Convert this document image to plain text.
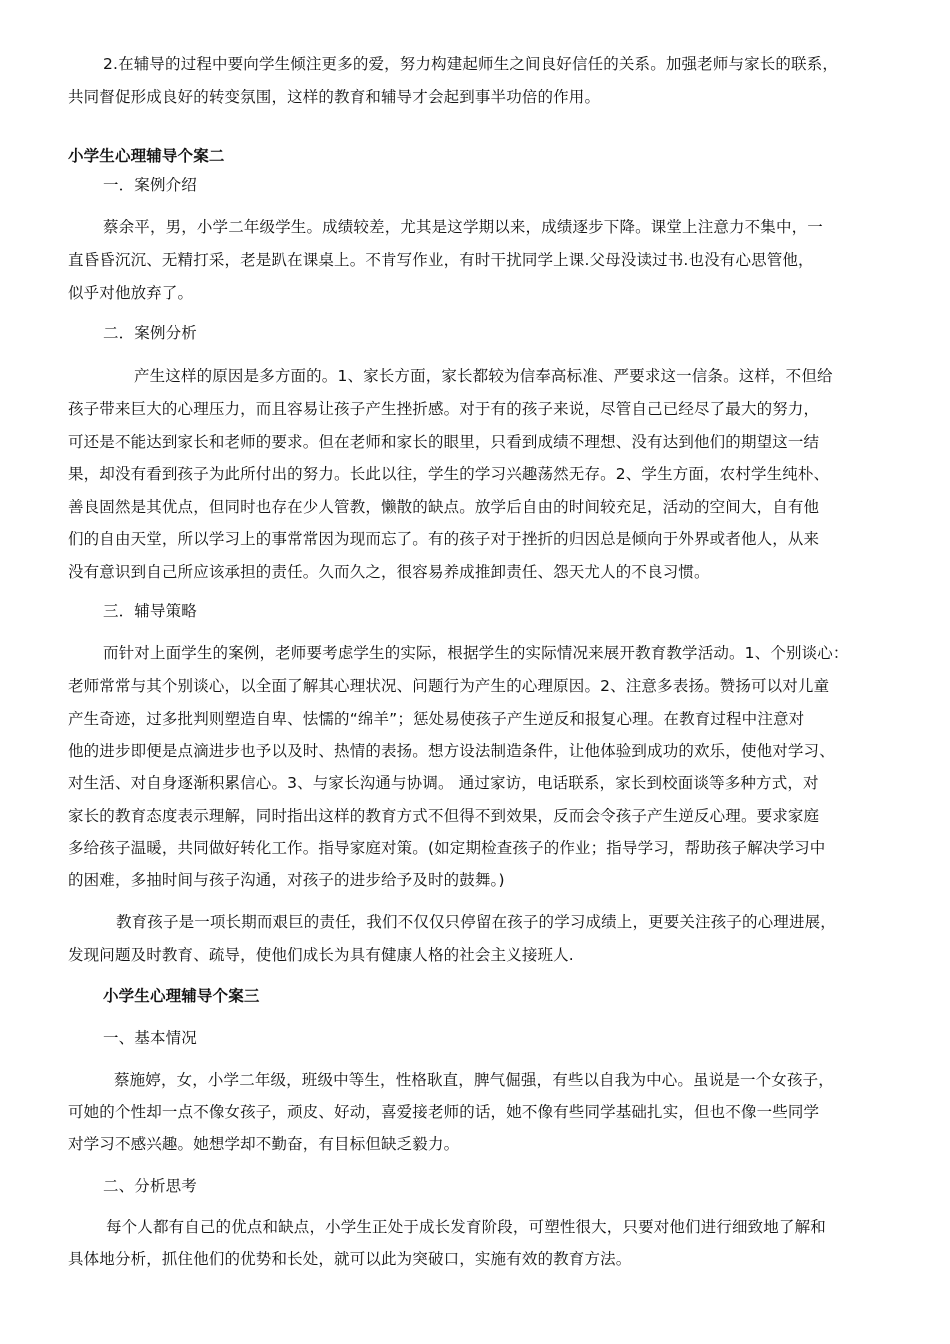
2.在辅导的过程中要向学生倾注更多的爱，努力构建起师生之间良好信任的关系。加强老师与家长的联系，

共同督促形成良好的转变氛围，这样的教育和辅导才会起到事半功倍的作用。

小学生心理辅导个案二

一．案例介绍

蔡余平，男，小学二年级学生。成绩较差，尤其是这学期以来，成绩逐步下降。课堂上注意力不集中，一

直昏昏沉沉、无精打采，老是趴在课桌上。不肯写作业，有时干扰同学上课.父母没读过书.也没有心思管他，

似乎对他放弃了。

二．案例分析

产生这样的原因是多方面的。1、家长方面，家长都较为信奉高标准、严要求这一信条。这样，不但给

孩子带来巨大的心理压力，而且容易让孩子产生挫折感。对于有的孩子来说，尽管自己已经尽了最大的努力，

可还是不能达到家长和老师的要求。但在老师和家长的眼里，只看到成绩不理想、没有达到他们的期望这一结

果，却没有看到孩子为此所付出的努力。长此以往，学生的学习兴趣荡然无存。2、学生方面，农村学生纯朴、

善良固然是其优点，但同时也存在少人管教，懒散的缺点。放学后自由的时间较充足，活动的空间大，自有他

们的自由天堂，所以学习上的事常常因为现而忘了。有的孩子对于挫折的归因总是倾向于外界或者他人，从来

没有意识到自己所应该承担的责任。久而久之，很容易养成推卸责任、怨天尤人的不良习惯。

三．辅导策略

而针对上面学生的案例，老师要考虑学生的实际，根据学生的实际情况来展开教育教学活动。1、个别谈心：

老师常常与其个别谈心，以全面了解其心理状况、问题行为产生的心理原因。2、注意多表扬。赞扬可以对儿童

产生奇迹，过多批判则塑造自卑、怯懦的“绵羊”；惩处易使孩子产生逆反和报复心理。在教育过程中注意对

他的进步即便是点滴进步也予以及时、热情的表扬。想方设法制造条件，让他体验到成功的欢乐，使他对学习、

对生活、对自身逐渐积累信心。3、与家长沟通与协调。 通过家访，电话联系，家长到校面谈等多种方式，对

家长的教育态度表示理解，同时指出这样的教育方式不但得不到效果，反而会令孩子产生逆反心理。要求家庭

多给孩子温暖，共同做好转化工作。指导家庭对策。(如定期检查孩子的作业；指导学习，帮助孩子解决学习中

的困难，多抽时间与孩子沟通，对孩子的进步给予及时的鼓舞。)

教育孩子是一项长期而艰巨的责任，我们不仅仅只停留在孩子的学习成绩上，更要关注孩子的心理进展，

发现问题及时教育、疏导，使他们成长为具有健康人格的社会主义接班人.

小学生心理辅导个案三

一、基本情况

蔡施婷，女，小学二年级，班级中等生，性格耿直，脾气倔强，有些以自我为中心。虽说是一个女孩子，

可她的个性却一点不像女孩子，顽皮、好动，喜爱接老师的话，她不像有些同学基础扎实，但也不像一些同学

对学习不感兴趣。她想学却不勤奋，有目标但缺乏毅力。

二、分析思考

每个人都有自己的优点和缺点，小学生正处于成长发育阶段，可塑性很大，只要对他们进行细致地了解和

具体地分析，抓住他们的优势和长处，就可以此为突破口，实施有效的教育方法。
